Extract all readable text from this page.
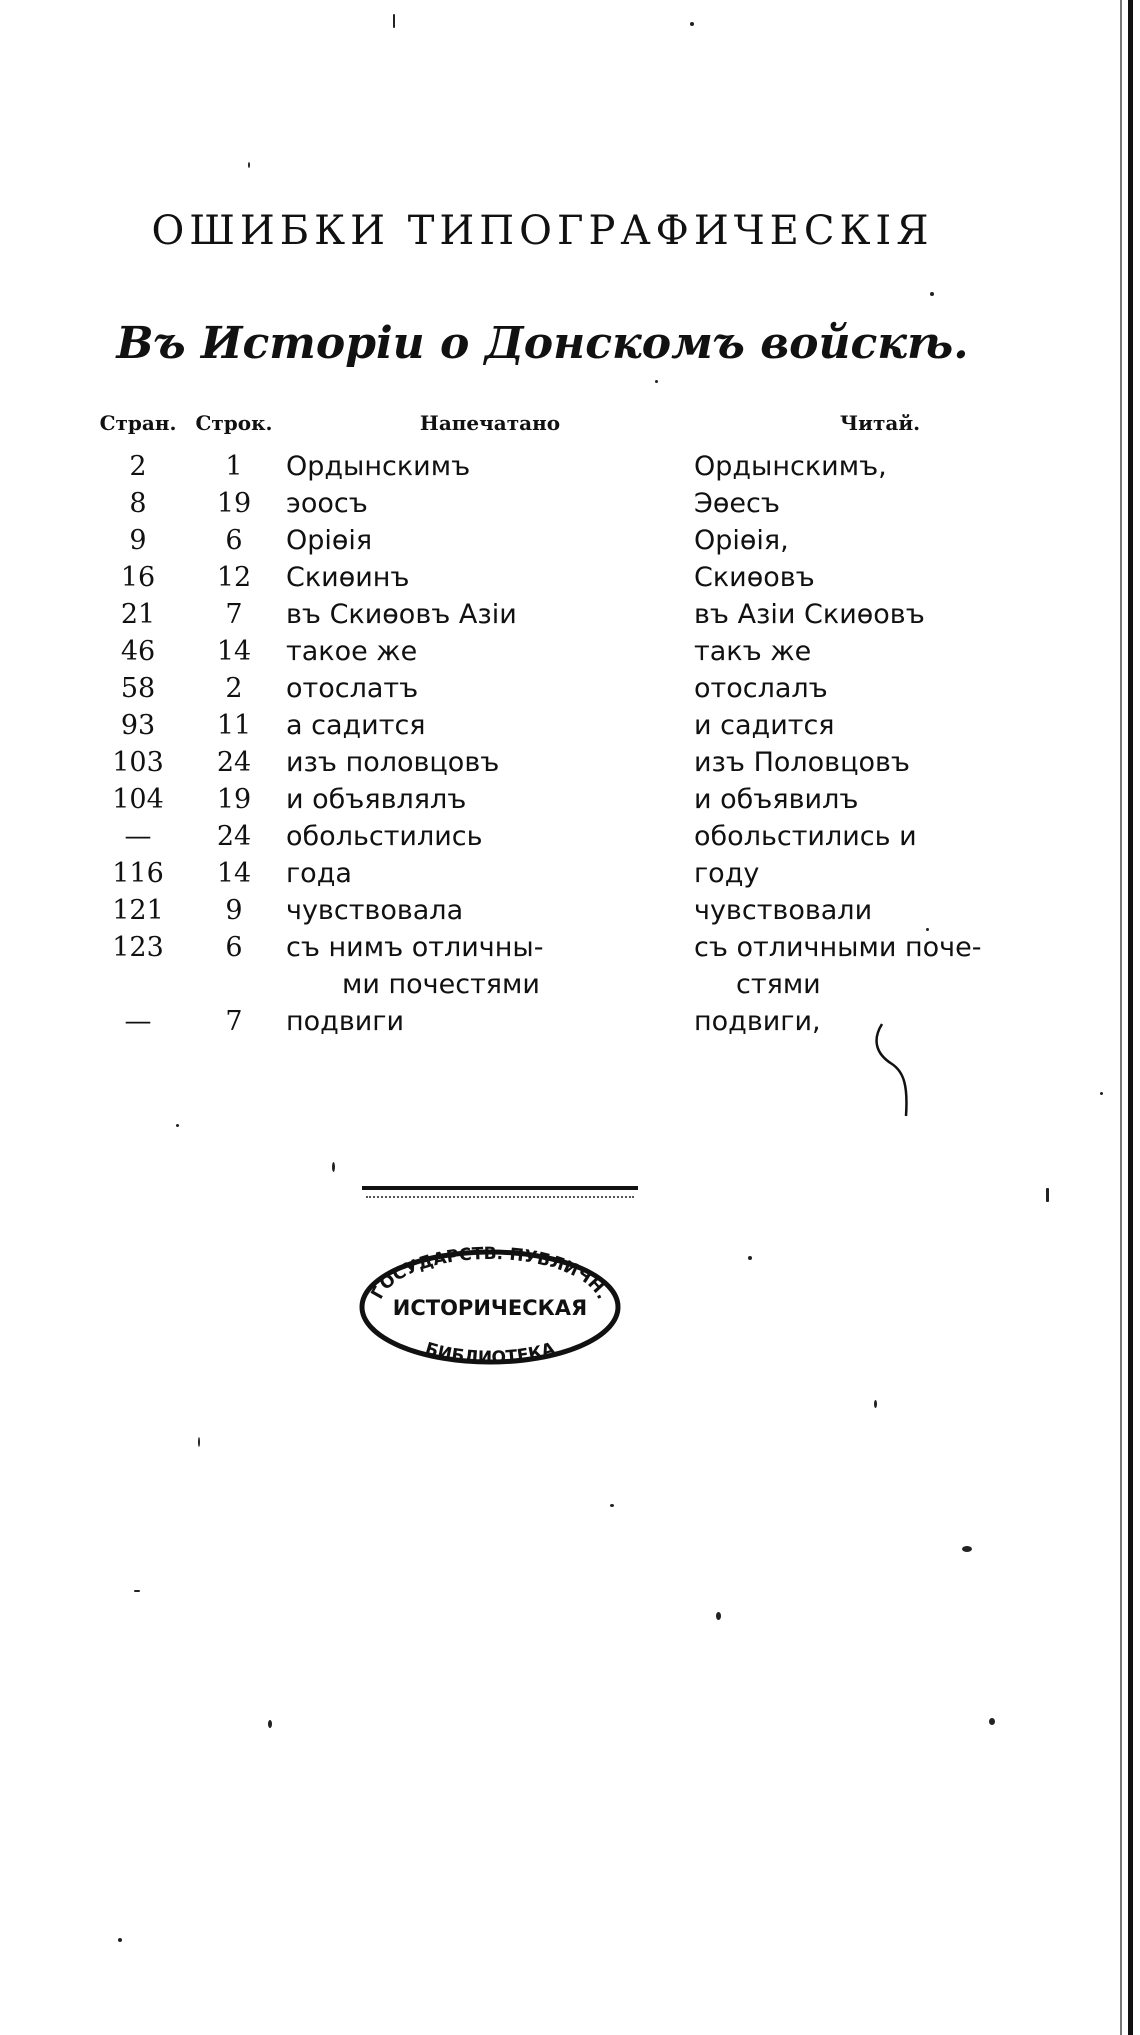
ОШИБКИ ТИПОГРАФИЧЕСКІЯ
Въ Исторіи о Донскомъ войскѣ.
Стран.	Строк.	Напечатано	Читай.
2	1	Ордынскимъ	Ордынскимъ,
8	19	эоосъ	Эѳесъ
9	6	Оріѳія	Оріѳія,
16	12	Скиѳинъ	Скиѳовъ
21	7	въ Скиѳовъ Азіи	въ Азіи Скиѳовъ
46	14	такое же	такъ же
58	2	отослатъ	отослалъ
93	11	а садится	и садится
103	24	изъ половцовъ	изъ Половцовъ
104	19	и объявлялъ	и объявилъ
—	24	обольстились	обольстились и
116	14	года	году
121	9	чувствовала	чувствовали
123	6	съ нимъ отличны-	съ отличными поче-
		ми почестями	стями
—	7	подвиги	подвиги,
ГОСУДАРСТВ. ПУБЛИЧН.
ИСТОРИЧЕСКАЯ
БИБЛИОТЕКА
